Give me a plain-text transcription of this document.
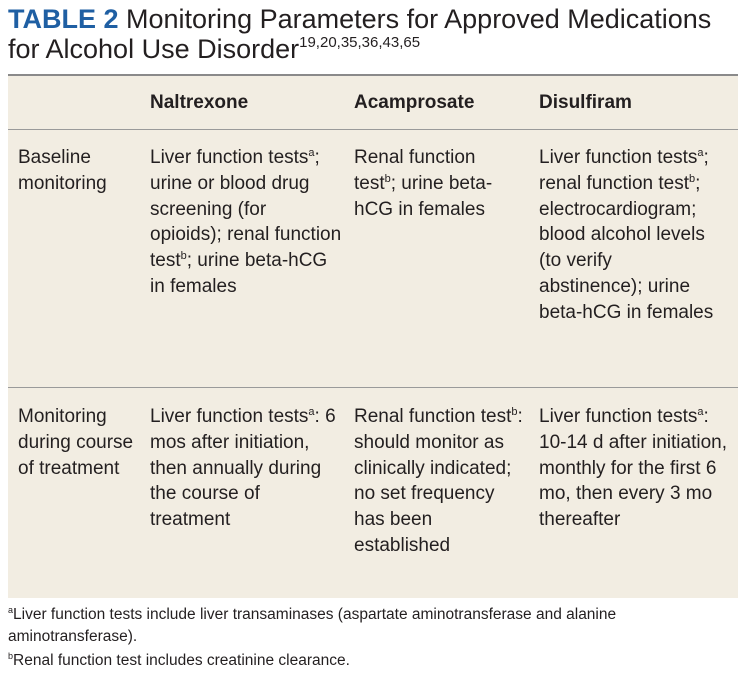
TABLE 2 Monitoring Parameters for Approved Medications for Alcohol Use Disorder$^{19,20,35,36,43,65}$
Naltrexone	Acamprosate	Disulfiram
Baseline monitoring
Liver function tests$^a$; urine or blood drug screening (for opioids); renal function test$^b$; urine beta-hCG in females
Renal function test$^b$; urine beta-hCG in females
Liver function tests$^a$; renal function test$^b$; electrocardiogram; blood alcohol levels (to verify abstinence); urine beta-hCG in females
Monitoring during course of treatment
Liver function tests$^a$: 6 mos after initiation, then annually during the course of treatment
Renal function test$^b$: should monitor as clinically indicated; no set frequency has been established
Liver function tests$^a$: 10-14 d after initiation, monthly for the first 6 mo, then every 3 mo thereafter
$^a$Liver function tests include liver transaminases (aspartate aminotransferase and alanine aminotransferase).
$^b$Renal function test includes creatinine clearance.
